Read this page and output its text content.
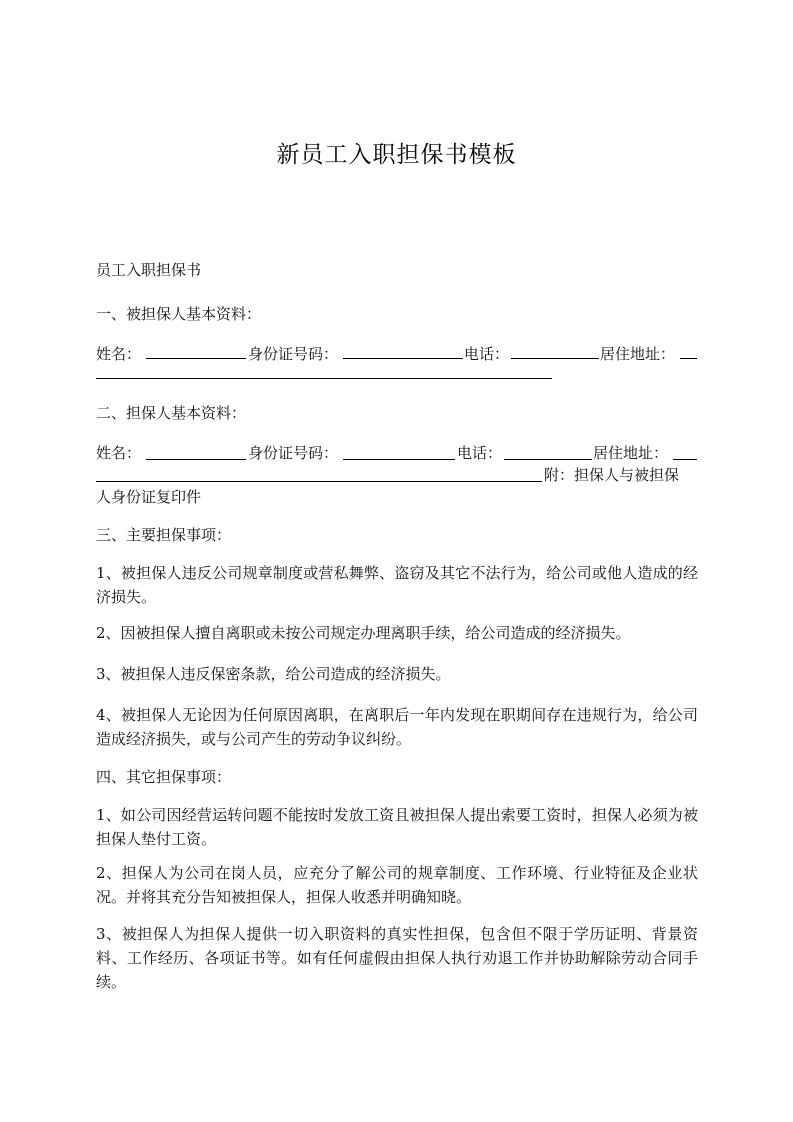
新员工入职担保书模板
员工入职担保书
一、被担保人基本资料：
姓名：	身份证号码：	电话：	居住地址：
二、担保人基本资料：
姓名：	身份证号码：	电话：	居住地址：
附：担保人与被担保
人身份证复印件
三、主要担保事项：
1、被担保人违反公司规章制度或营私舞弊、盗窃及其它不法行为，给公司或他人造成的经济损失。
2、因被担保人擅自离职或未按公司规定办理离职手续，给公司造成的经济损失。
3、被担保人违反保密条款，给公司造成的经济损失。
4、被担保人无论因为任何原因离职，在离职后一年内发现在职期间存在违规行为，给公司造成经济损失，或与公司产生的劳动争议纠纷。
四、其它担保事项：
1、如公司因经营运转问题不能按时发放工资且被担保人提出索要工资时，担保人必须为被担保人垫付工资。
2、担保人为公司在岗人员，应充分了解公司的规章制度、工作环境、行业特征及企业状况。并将其充分告知被担保人，担保人收悉并明确知晓。
3、被担保人为担保人提供一切入职资料的真实性担保，包含但不限于学历证明、背景资料、工作经历、各项证书等。如有任何虚假由担保人执行劝退工作并协助解除劳动合同手续。
